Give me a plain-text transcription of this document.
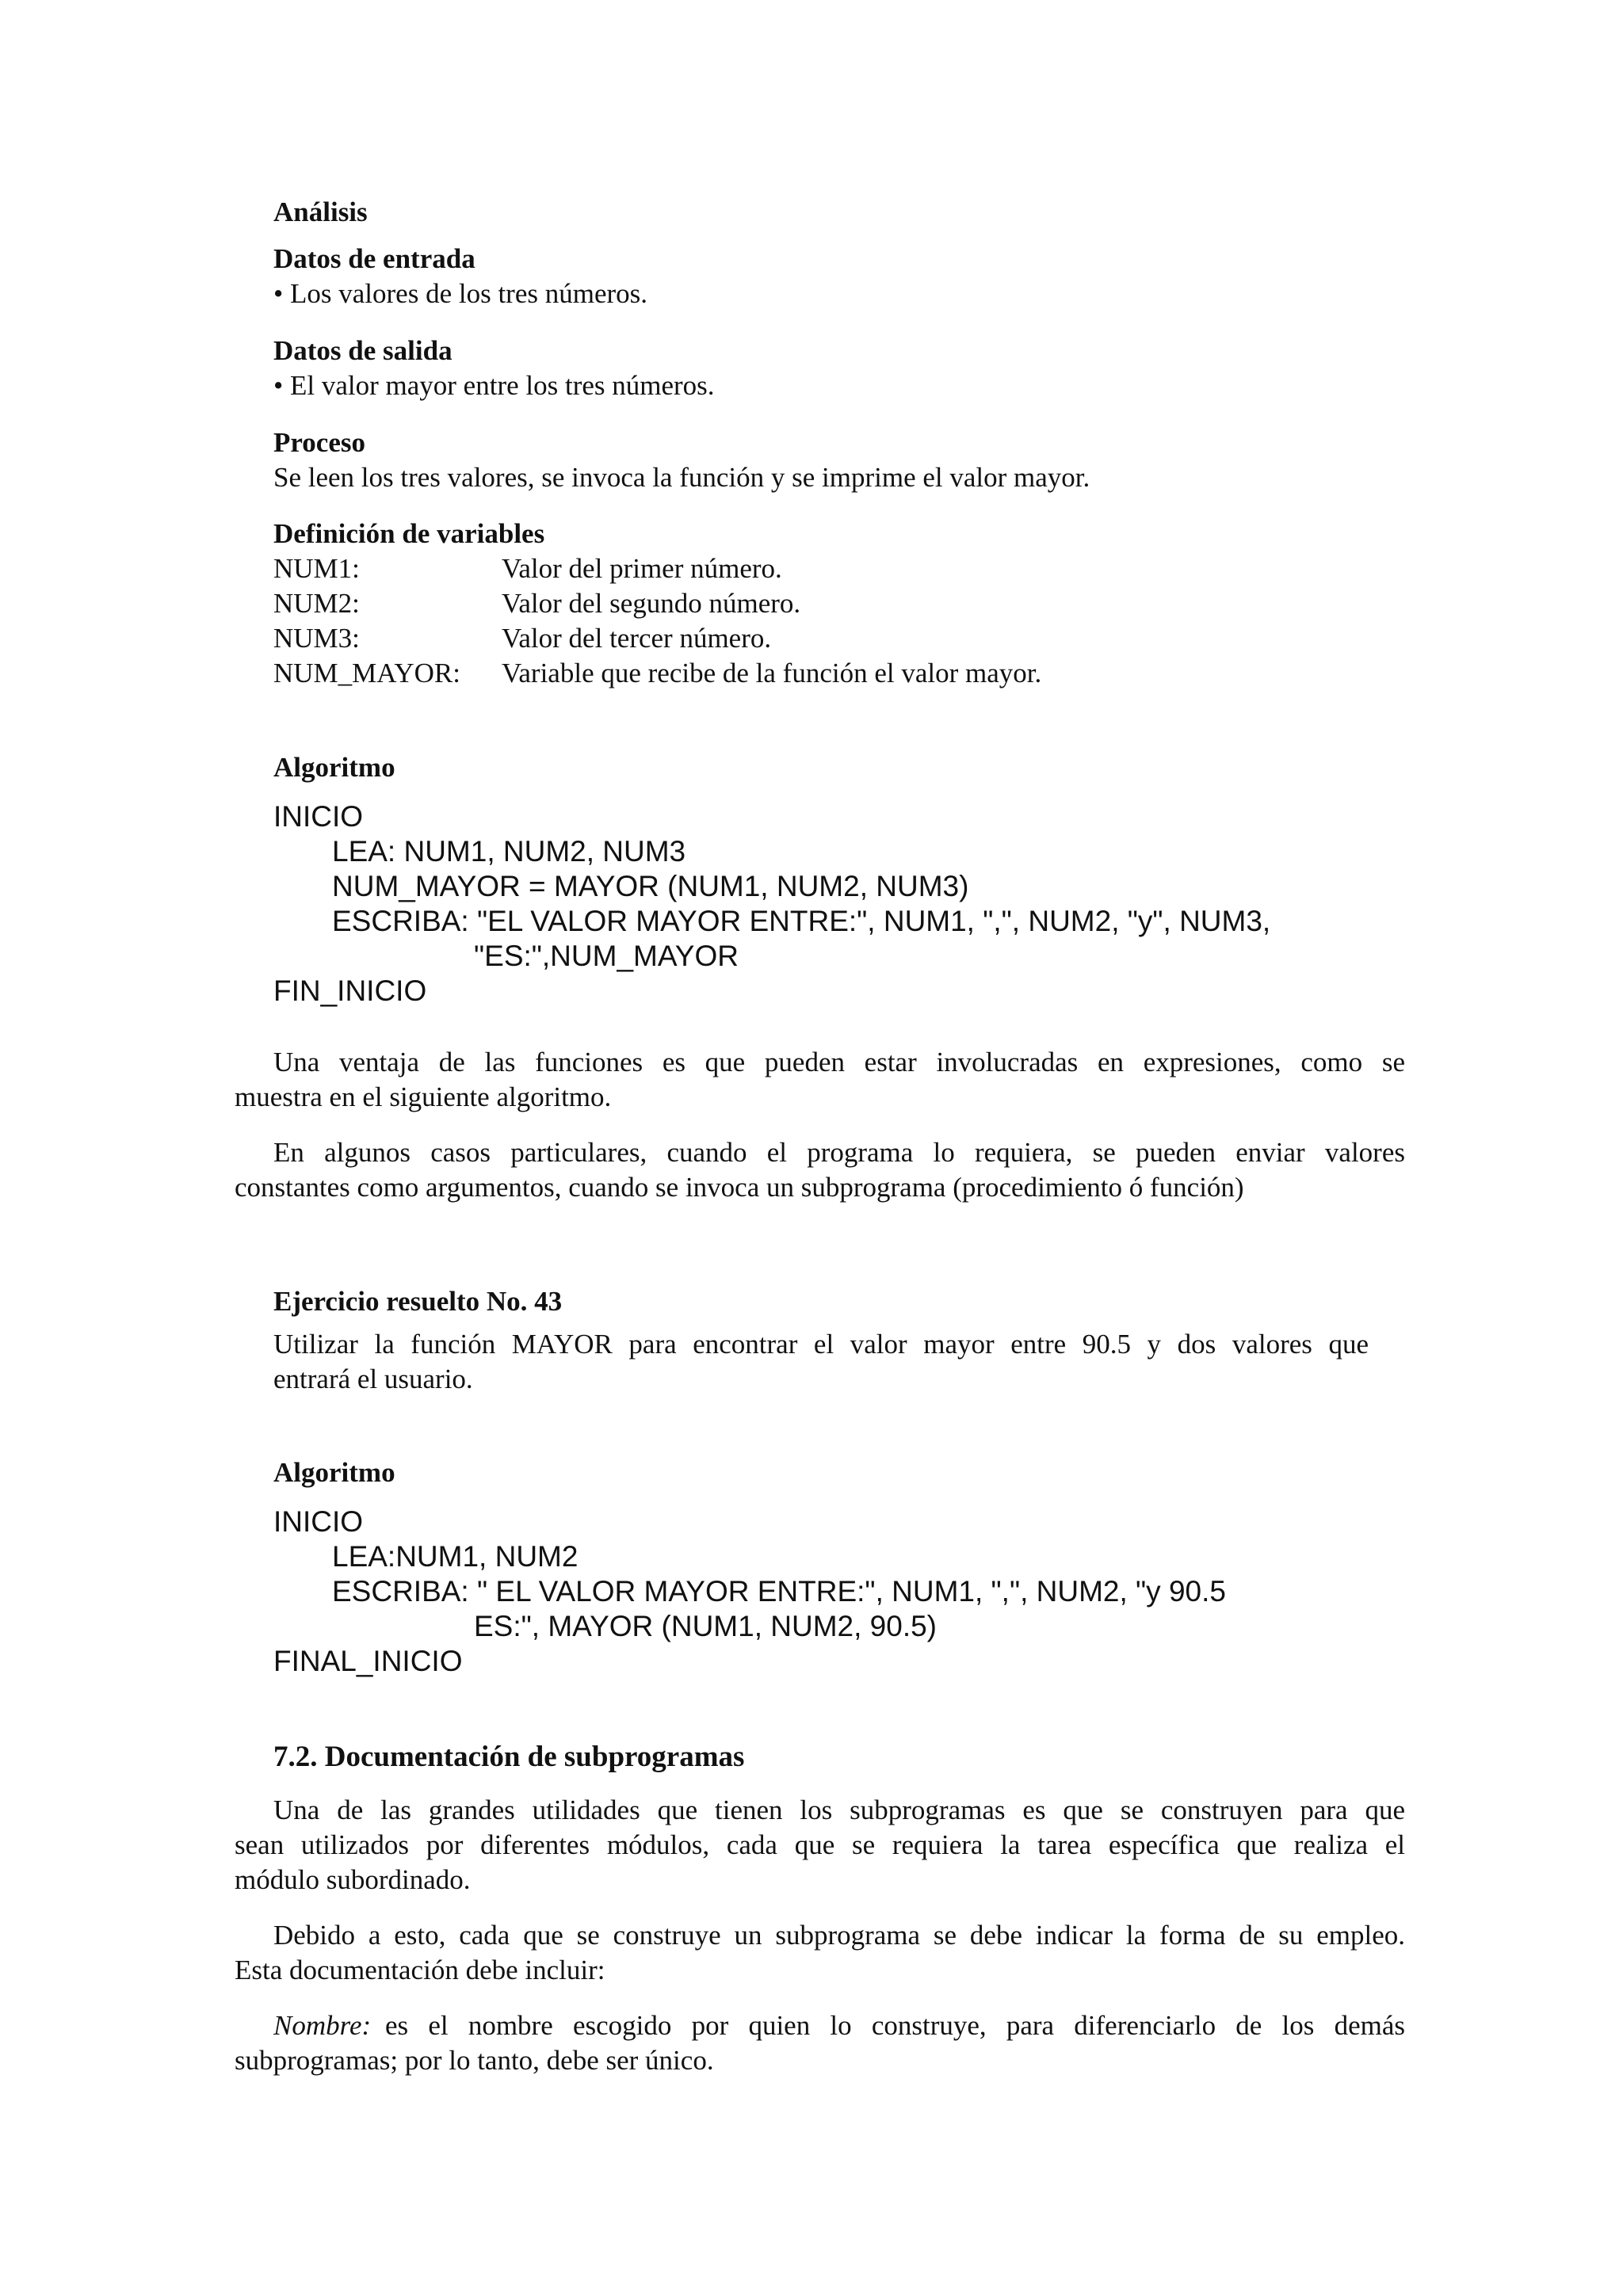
Análisis
Datos de entrada
• Los valores de los tres números.
Datos de salida
• El valor mayor entre los tres números.
Proceso
Se leen los tres valores, se invoca la función y se imprime el valor mayor.
Definición de variables
NUM1:	Valor del primer número.
NUM2:	Valor del segundo número.
NUM3:	Valor del tercer número.
NUM_MAYOR: Variable que recibe de la función el valor mayor.
Algoritmo
INICIO
LEA: NUM1, NUM2, NUM3
NUM_MAYOR = MAYOR (NUM1, NUM2, NUM3)
ESCRIBA: "EL VALOR MAYOR ENTRE:", NUM1, ",", NUM2, "y", NUM3,
"ES:",NUM_MAYOR
FIN_INICIO
Una ventaja de las funciones es que pueden estar involucradas en expresiones, como se
muestra en el siguiente algoritmo.
En algunos casos particulares, cuando el programa lo requiera, se pueden enviar valores
constantes como argumentos, cuando se invoca un subprograma (procedimiento ó función)
Ejercicio resuelto No. 43
Utilizar la función MAYOR para encontrar el valor mayor entre 90.5 y dos valores que
entrará el usuario.
Algoritmo
INICIO
LEA:NUM1, NUM2
ESCRIBA: " EL VALOR MAYOR ENTRE:", NUM1, ",", NUM2, "y 90.5
ES:", MAYOR (NUM1, NUM2, 90.5)
FINAL_INICIO
7.2. Documentación de subprogramas
Una de las grandes utilidades que tienen los subprogramas es que se construyen para que
sean utilizados por diferentes módulos, cada que se requiera la tarea específica que realiza el
módulo subordinado.
Debido a esto, cada que se construye un subprograma se debe indicar la forma de su empleo.
Esta documentación debe incluir:
Nombre: es el nombre escogido por quien lo construye, para diferenciarlo de los demás
subprogramas; por lo tanto, debe ser único.
